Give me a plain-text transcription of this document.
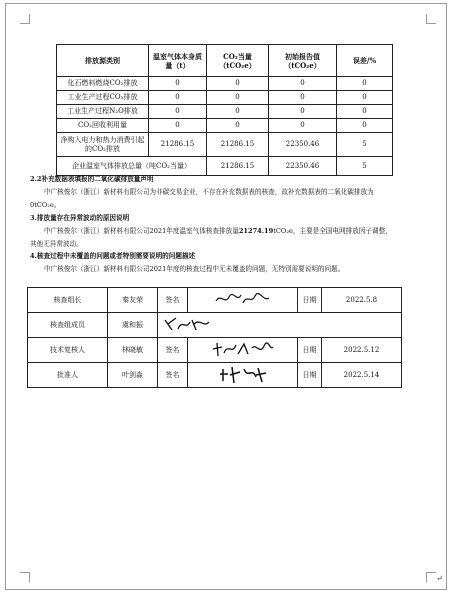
排放源类别	温室气体本身质量（t）	CO₂当量（tCO₂e）	初始报告值（tCO₂e）	误差/%
化石燃料燃烧CO₂排放	0	0	0	0
工业生产过程CO₂排放	0	0	0	0
工业生产过程N₂O排放	0	0	0	0
CO₂回收利用量	0	0	0	0
净购入电力和热力消费引起的CO₂排放	21286.15	21286.15	22350.46	5
企业温室气体排放总量（吨CO₂当量）		21286.15	22350.46	5
2.2补充数据表填报的二氧化碳排放量声明
中广核俊尔（浙江）新材料有限公司为非碳交易企业，不存在补充数据表的核查，故补充数据表的二氧化碳排放为0tCO₂e。
3.排放量存在异常波动的原因说明
中广核俊尔（浙江）新材料有限公司2021年度温室气体核查排放量21274.19tCO₂e，主要是全国电网排放因子调整，其他无异常波动。
4.核查过程中未覆盖的问题或者特别需要说明的问题描述
中广核俊尔（浙江）新材料有限公司2021年度的核查过程中无未覆盖的问题，无特别需要说明的问题。
核查组长	秦友荣	签名		日期	2022.5.8
核查组成员	虞和振	
技术复核人	林晓敏	签名		日期	2022.5.12
批准人	叶剑淼	签名		日期	2022.5.14
↵
